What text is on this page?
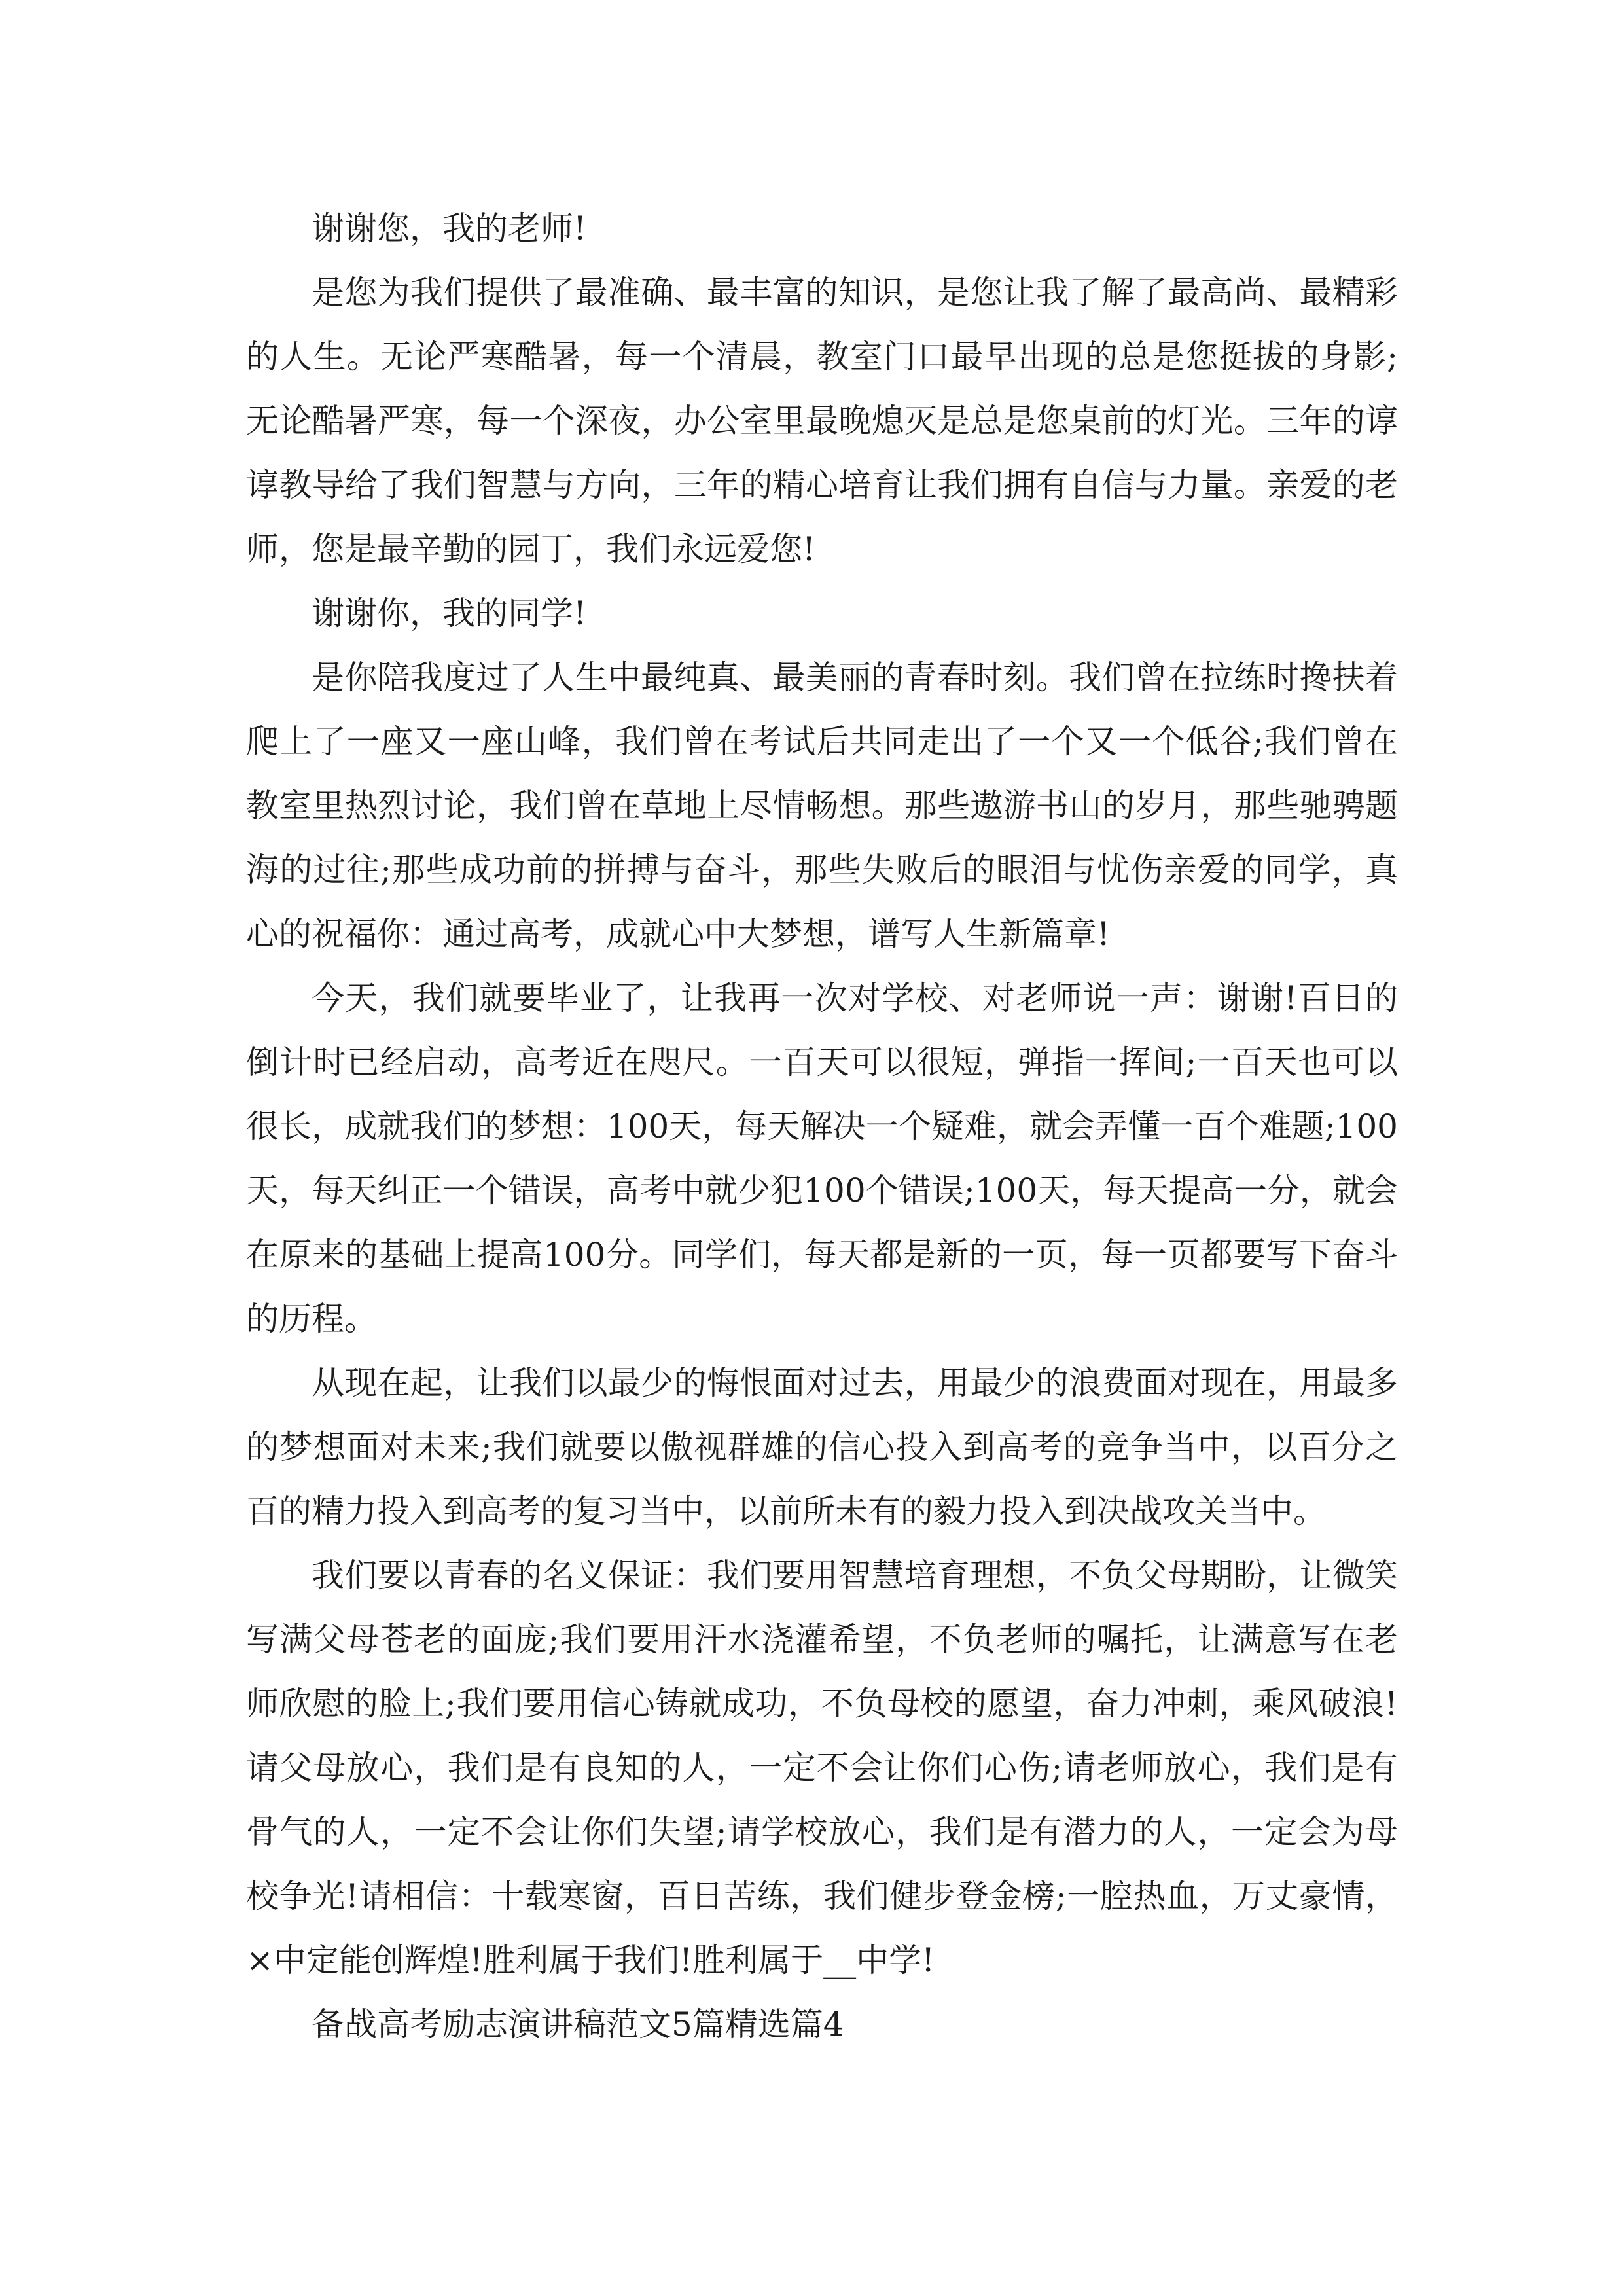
谢谢您，我的老师!

是您为我们提供了最准确、最丰富的知识，是您让我了解了最高尚、最精彩的人生。无论严寒酷暑，每一个清晨，教室门口最早出现的总是您挺拔的身影;无论酷暑严寒，每一个深夜，办公室里最晚熄灭是总是您桌前的灯光。三年的谆谆教导给了我们智慧与方向，三年的精心培育让我们拥有自信与力量。亲爱的老师，您是最辛勤的园丁，我们永远爱您!

谢谢你，我的同学!

是你陪我度过了人生中最纯真、最美丽的青春时刻。我们曾在拉练时搀扶着爬上了一座又一座山峰，我们曾在考试后共同走出了一个又一个低谷;我们曾在教室里热烈讨论，我们曾在草地上尽情畅想。那些遨游书山的岁月，那些驰骋题海的过往;那些成功前的拼搏与奋斗，那些失败后的眼泪与忧伤亲爱的同学，真心的祝福你：通过高考，成就心中大梦想，谱写人生新篇章!

今天，我们就要毕业了，让我再一次对学校、对老师说一声：谢谢!百日的倒计时已经启动，高考近在咫尺。一百天可以很短，弹指一挥间;一百天也可以很长，成就我们的梦想：100天，每天解决一个疑难，就会弄懂一百个难题;100天，每天纠正一个错误，高考中就少犯100个错误;100天，每天提高一分，就会在原来的基础上提高100分。同学们，每天都是新的一页，每一页都要写下奋斗的历程。

从现在起，让我们以最少的悔恨面对过去，用最少的浪费面对现在，用最多的梦想面对未来;我们就要以傲视群雄的信心投入到高考的竞争当中，以百分之百的精力投入到高考的复习当中，以前所未有的毅力投入到决战攻关当中。

我们要以青春的名义保证：我们要用智慧培育理想，不负父母期盼，让微笑写满父母苍老的面庞;我们要用汗水浇灌希望，不负老师的嘱托，让满意写在老师欣慰的脸上;我们要用信心铸就成功，不负母校的愿望，奋力冲刺，乘风破浪!请父母放心，我们是有良知的人，一定不会让你们心伤;请老师放心，我们是有骨气的人，一定不会让你们失望;请学校放心，我们是有潜力的人，一定会为母校争光!请相信：十载寒窗，百日苦练，我们健步登金榜;一腔热血，万丈豪情，×中定能创辉煌!胜利属于我们!胜利属于__中学!

备战高考励志演讲稿范文5篇精选篇4
